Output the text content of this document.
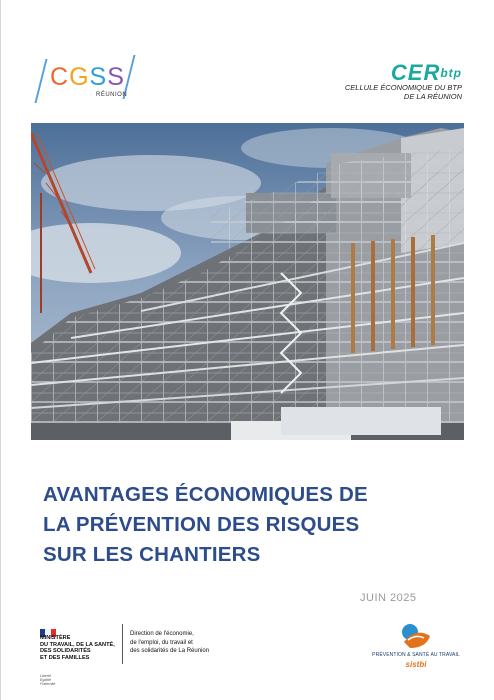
CGSS
RÉUNION
$CER^{btp}$
CELLULE ÉCONOMIQUE DU BTP
DE LA RÉUNION
AVANTAGES ÉCONOMIQUES DE
LA PRÉVENTION DES RISQUES
SUR LES CHANTIERS
JUIN 2025
MINISTÈRE
DU TRAVAIL, DE LA SANTÉ,
DES SOLIDARITÉS
ET DES FAMILLES
Liberté
Égalité
Fraternité
Direction de l'économie,
de l'emploi, du travail et
des solidarités de La Réunion
PRÉVENTION & SANTÉ AU TRAVAIL
sistbi
